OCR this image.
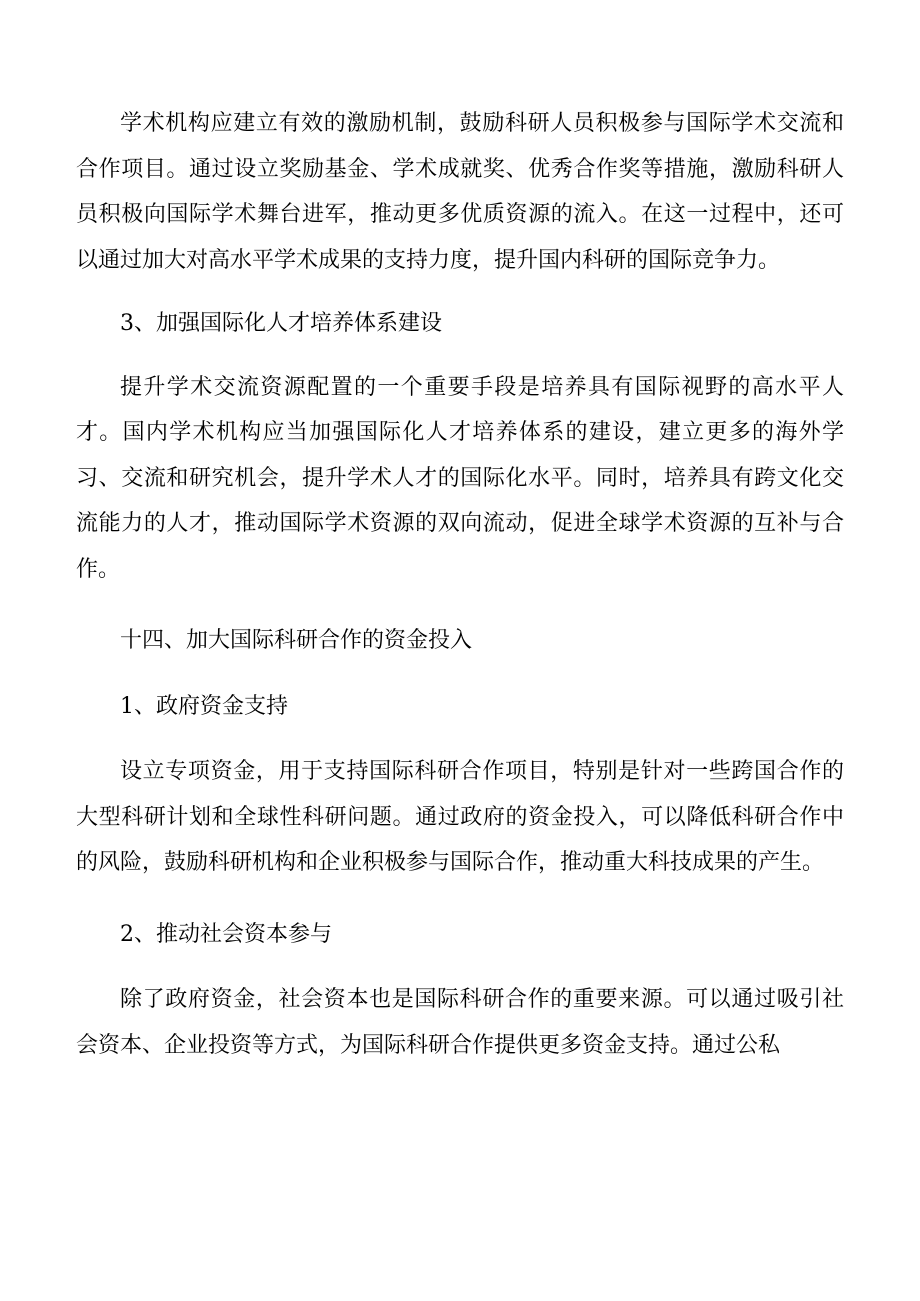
学术机构应建立有效的激励机制，鼓励科研人员积极参与国际学术交流和合作项目。通过设立奖励基金、学术成就奖、优秀合作奖等措施，激励科研人员积极向国际学术舞台进军，推动更多优质资源的流入。在这一过程中，还可以通过加大对高水平学术成果的支持力度，提升国内科研的国际竞争力。

3、加强国际化人才培养体系建设

提升学术交流资源配置的一个重要手段是培养具有国际视野的高水平人才。国内学术机构应当加强国际化人才培养体系的建设，建立更多的海外学习、交流和研究机会，提升学术人才的国际化水平。同时，培养具有跨文化交流能力的人才，推动国际学术资源的双向流动，促进全球学术资源的互补与合作。

十四、加大国际科研合作的资金投入

1、政府资金支持

设立专项资金，用于支持国际科研合作项目，特别是针对一些跨国合作的大型科研计划和全球性科研问题。通过政府的资金投入，可以降低科研合作中的风险，鼓励科研机构和企业积极参与国际合作，推动重大科技成果的产生。

2、推动社会资本参与

除了政府资金，社会资本也是国际科研合作的重要来源。可以通过吸引社会资本、企业投资等方式，为国际科研合作提供更多资金支持。通过公私
